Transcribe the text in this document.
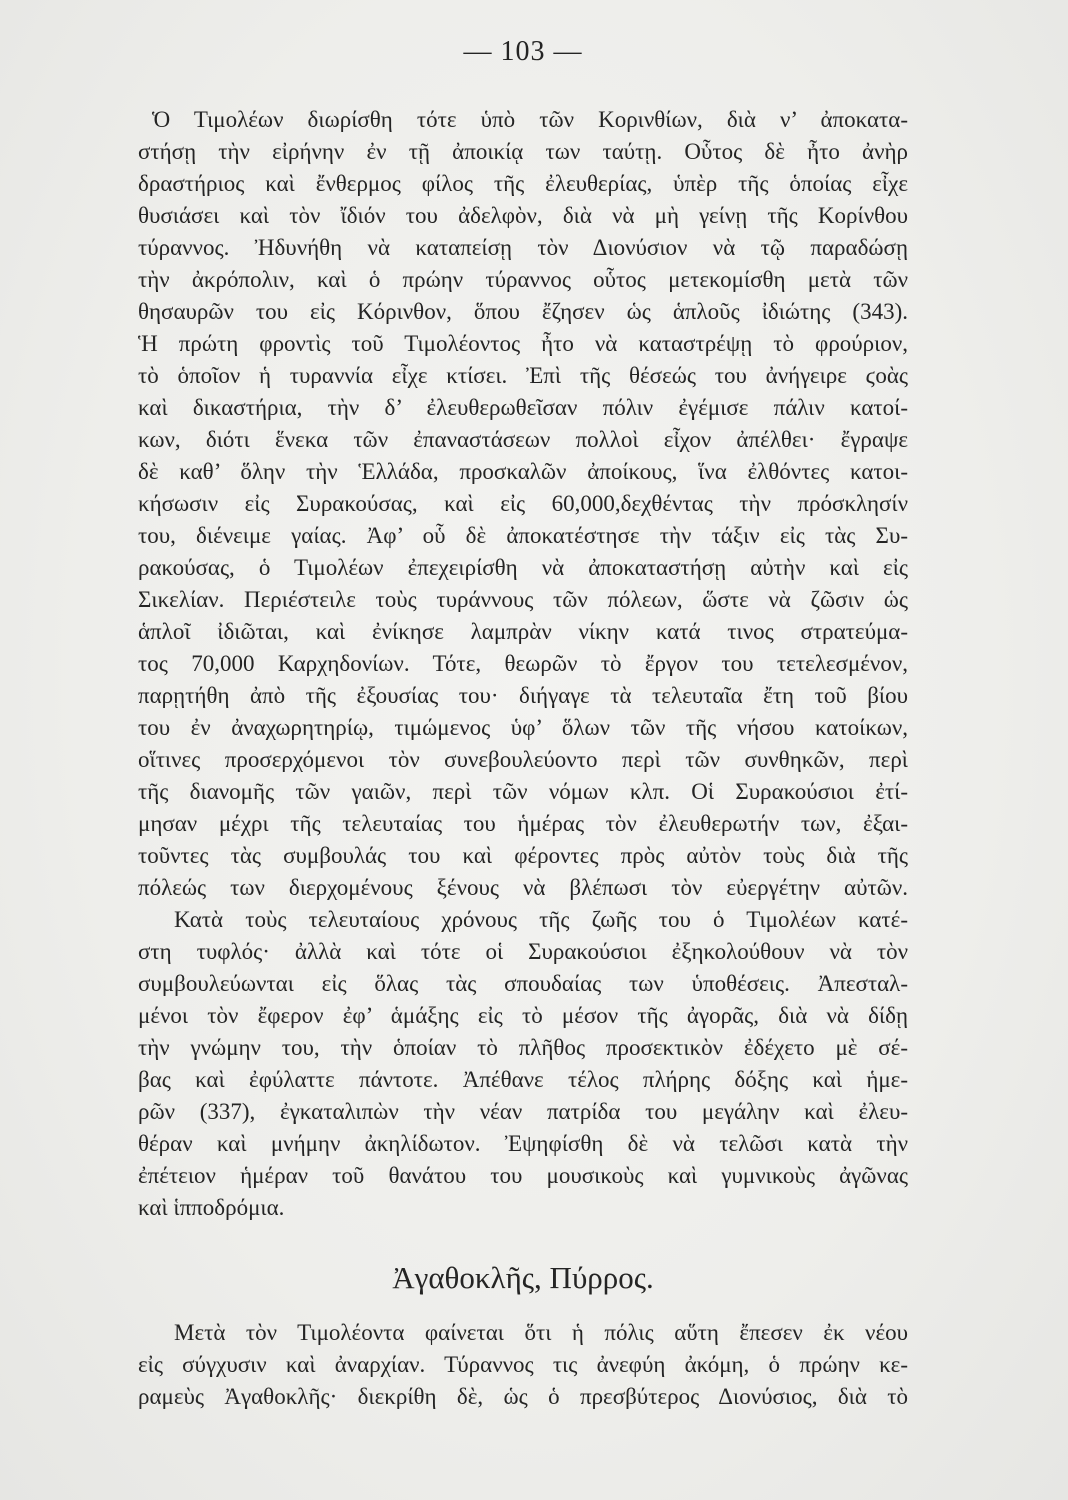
— 103 —
Ὁ Τιμολέων διωρίσθη τότε ὑπὸ τῶν Κορινθίων, διὰ ν’ ἀποκατα-
στήσῃ τὴν εἰρήνην ἐν τῇ ἀποικίᾳ των ταύτῃ. Οὗτος δὲ ἦτο ἀνὴρ
δραστήριος καὶ ἔνθερμος φίλος τῆς ἐλευθερίας, ὑπὲρ τῆς ὁποίας εἶχε
θυσιάσει καὶ τὸν ἴδιόν του ἀδελφὸν, διὰ νὰ μὴ γείνῃ τῆς Κορίνθου
τύραννος. Ἠδυνήθη νὰ καταπείσῃ τὸν Διονύσιον νὰ τῷ παραδώσῃ
τὴν ἀκρόπολιν, καὶ ὁ πρώην τύραννος οὗτος μετεκομίσθη μετὰ τῶν
θησαυρῶν του εἰς Κόρινθον, ὅπου ἔζησεν ὡς ἁπλοῦς ἰδιώτης (343).
Ἡ πρώτη φροντὶς τοῦ Τιμολέοντος ἦτο νὰ καταστρέψῃ τὸ φρούριον,
τὸ ὁποῖον ἡ τυραννία εἶχε κτίσει. Ἐπὶ τῆς θέσεώς του ἀνήγειρε ϛοὰς
καὶ δικαστήρια, τὴν δ’ ἐλευθερωθεῖσαν πόλιν ἐγέμισε πάλιν κατοί-
κων, διότι ἕνεκα τῶν ἐπαναστάσεων πολλοὶ εἶχον ἀπέλθει· ἔγραψε
δὲ καθ’ ὅλην τὴν Ἑλλάδα, προσκαλῶν ἀποίκους, ἵνα ἐλθόντες κατοι-
κήσωσιν εἰς Συρακούσας, καὶ εἰς 60,000,δεχθέντας τὴν πρόσκλησίν
του, διένειμε γαίας. Ἀφ’ οὗ δὲ ἀποκατέστησε τὴν τάξιν εἰς τὰς Συ-
ρακούσας, ὁ Τιμολέων ἐπεχειρίσθη νὰ ἀποκαταστήσῃ αὐτὴν καὶ εἰς
Σικελίαν. Περιέστειλε τοὺς τυράννους τῶν πόλεων, ὥστε νὰ ζῶσιν ὡς
ἁπλοῖ ἰδιῶται, καὶ ἐνίκησε λαμπρὰν νίκην κατά τινος στρατεύμα-
τος 70,000 Καρχηδονίων. Τότε, θεωρῶν τὸ ἔργον του τετελεσμένον,
παρῃτήθη ἀπὸ τῆς ἐξουσίας του· διήγαγε τὰ τελευταῖα ἔτη τοῦ βίου
του ἐν ἀναχωρητηρίῳ, τιμώμενος ὑφ’ ὅλων τῶν τῆς νήσου κατοίκων,
οἵτινες προσερχόμενοι τὸν συνεβουλεύοντο περὶ τῶν συνθηκῶν, περὶ
τῆς διανομῆς τῶν γαιῶν, περὶ τῶν νόμων κλπ. Οἱ Συρακούσιοι ἐτί-
μησαν μέχρι τῆς τελευταίας του ἡμέρας τὸν ἐλευθερωτήν των, ἐξαι-
τοῦντες τὰς συμβουλάς του καὶ φέροντες πρὸς αὐτὸν τοὺς διὰ τῆς
πόλεώς των διερχομένους ξένους νὰ βλέπωσι τὸν εὐεργέτην αὐτῶν.
Κατὰ τοὺς τελευταίους χρόνους τῆς ζωῆς του ὁ Τιμολέων κατέ-
στη τυφλός· ἀλλὰ καὶ τότε οἱ Συρακούσιοι ἐξηκολούθουν νὰ τὸν
συμβουλεύωνται εἰς ὅλας τὰς σπουδαίας των ὑποθέσεις. Ἀπεσταλ-
μένοι τὸν ἔφερον ἐφ’ ἁμάξης εἰς τὸ μέσον τῆς ἀγορᾶς, διὰ νὰ δίδῃ
τὴν γνώμην του, τὴν ὁποίαν τὸ πλῆθος προσεκτικὸν ἐδέχετο μὲ σέ-
βας καὶ ἐφύλαττε πάντοτε. Ἀπέθανε τέλος πλήρης δόξης καὶ ἡμε-
ρῶν (337), ἐγκαταλιπὼν τὴν νέαν πατρίδα του μεγάλην καὶ ἐλευ-
θέραν καὶ μνήμην ἀκηλίδωτον. Ἐψηφίσθη δὲ νὰ τελῶσι κατὰ τὴν
ἐπέτειον ἡμέραν τοῦ θανάτου του μουσικοὺς καὶ γυμνικοὺς ἀγῶνας
καὶ ἱπποδρόμια.
Ἀγαθοκλῆς, Πύρρος.
Μετὰ τὸν Τιμολέοντα φαίνεται ὅτι ἡ πόλις αὕτη ἔπεσεν ἐκ νέου
εἰς σύγχυσιν καὶ ἀναρχίαν. Τύραννος τις ἀνεφύη ἀκόμη, ὁ πρώην κε-
ραμεὺς Ἀγαθοκλῆς· διεκρίθη δὲ, ὡς ὁ πρεσβύτερος Διονύσιος, διὰ τὸ
